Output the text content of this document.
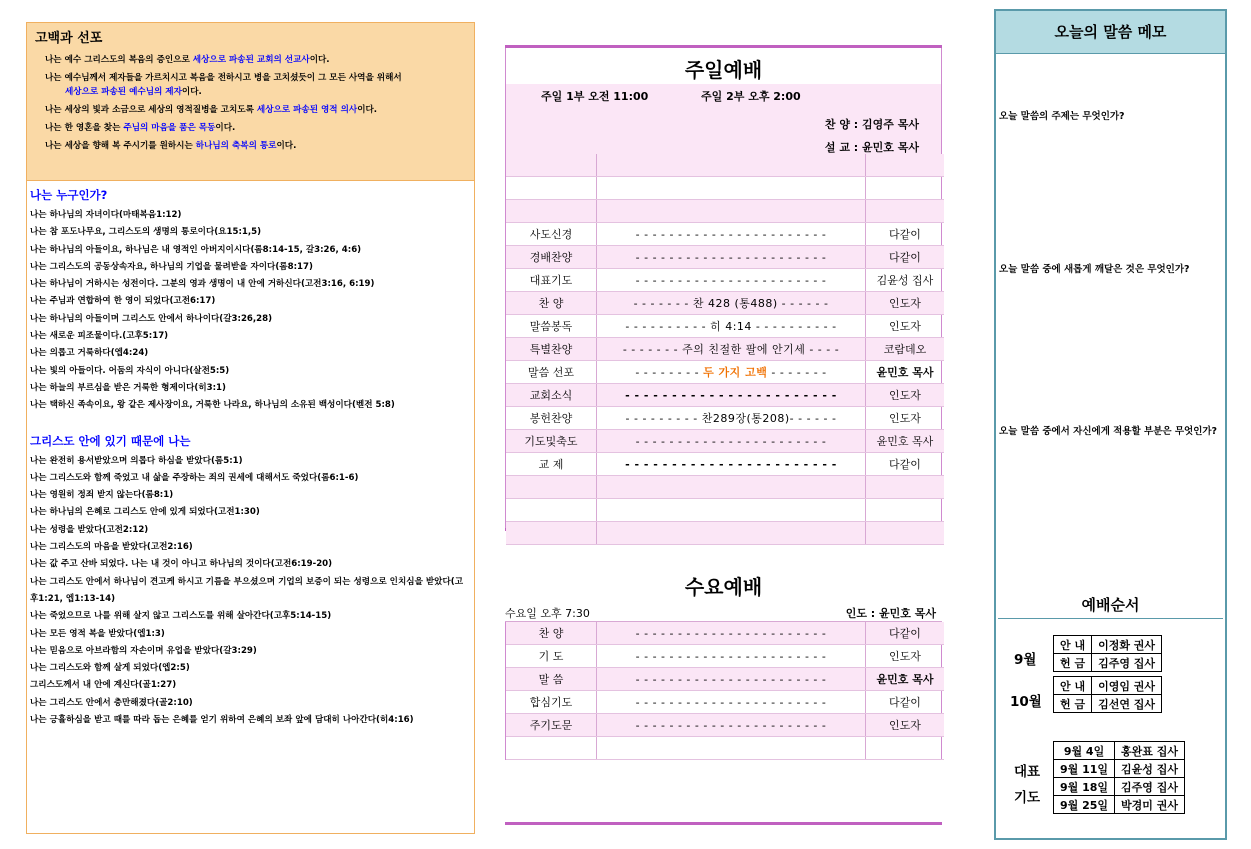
고백과 선포

나는 예수 그리스도의 복음의 증인으로 세상으로 파송된 교회의 선교사이다.

나는 예수님께서 제자들을 가르치시고 복음을 전하시고 병을 고치셨듯이 그 모든 사역을 위해서

세상으로 파송된 예수님의 제자이다.

나는 세상의 빛과 소금으로 세상의 영적질병을 고치도록 세상으로 파송된 영적 의사이다.

나는 한 영혼을 찾는 주님의 마음을 품은 목동이다.

나는 세상을 향해 복 주시기를 원하시는 하나님의 축복의 통로이다.

나는 누구인가?
나는 하나님의 자녀이다(마태복음1:12)
나는 참 포도나무요, 그리스도의 생명의 통로이다(요15:1,5)
나는 하나님의 아들이요, 하나님은 내 영적인 아버지이시다(롬8:14-15, 갈3:26, 4:6)
나는 그리스도의 공동상속자요, 하나님의 기업을 물려받을 자이다(롬8:17)
나는 하나님이 거하시는 성전이다. 그분의 영과 생명이 내 안에 거하신다(고전3:16, 6:19)
나는 주님과 연합하여 한 영이 되었다(고전6:17)
나는 하나님의 아들이며 그리스도 안에서 하나이다(갈3:26,28)
나는 새로운 피조물이다.(고후5:17)
나는 의롭고 거룩하다(엡4:24)
나는 빛의 아들이다. 어둠의 자식이 아니다(살전5:5)
나는 하늘의 부르심을 받은 거룩한 형제이다(히3:1)
나는 택하신 족속이요, 왕 같은 제사장이요, 거룩한 나라요, 하나님의 소유된 백성이다(벧전 5:8)
그리스도 안에 있기 때문에 나는
나는 완전히 용서받았으며 의롭다 하심을 받았다(롬5:1)
나는 그리스도와 함께 죽었고 내 삶을 주장하는 죄의 권세에 대해서도 죽었다(롬6:1-6)
나는 영원히 정죄 받지 않는다(롬8:1)
나는 하나님의 은혜로 그리스도 안에 있게 되었다(고전1:30)
나는 성령을 받았다(고전2:12)
나는 그리스도의 마음을 받았다(고전2:16)
나는 값 주고 산바 되었다. 나는 내 것이 아니고 하나님의 것이다(고전6:19-20)
나는 그리스도 안에서 하나님이 견고케 하시고 기름을 부으셨으며 기업의 보증이 되는 성령으로 인치심을 받았다(고후1:21, 엡1:13-14)
나는 죽었으므로 나를 위해 살지 않고 그리스도를 위해 살아간다(고후5:14-15)
나는 모든 영적 복을 받았다(엡1:3)
나는 믿음으로 아브라함의 자손이며 유업을 받았다(갈3:29)
나는 그리스도와 함께 살게 되었다(엡2:5)
그리스도께서 내 안에 계신다(골1:27)
나는 그리스도 안에서 충만해졌다(골2:10)
나는 긍휼하심을 받고 때를 따라 돕는 은혜를 얻기 위하여 은혜의 보좌 앞에 담대히 나아간다(히4:16)
주일예배
주일 1부 오전 11:00	주일 2부 오후 2:00
찬 양 : 김영주 목사
설 교 : 윤민호 목사

사도신경	- - - - - - - - - - - - - - - - - - - - - - -	다같이
경배찬양	- - - - - - - - - - - - - - - - - - - - - - -	다같이
대표기도	- - - - - - - - - - - - - - - - - - - - - - -	김윤성 집사
찬 양	- - - - - - - 찬 428 (통488) - - - - - -	인도자
말씀봉독	- - - - - - - - - - 히 4:14 - - - - - - - - - -	인도자
특별찬양	- - - - - - - 주의 친절한 팔에 안기세 - - - -	코람데오
말씀 선포	- - - - - - - - 두 가지 고백 - - - - - - -	윤민호 목사
교회소식	- - - - - - - - - - - - - - - - - - - - - - -	인도자
봉헌찬양	- - - - - - - - - 찬289장(통208)- - - - - -	인도자
기도및축도	- - - - - - - - - - - - - - - - - - - - - - -	윤민호 목사
교 제	- - - - - - - - - - - - - - - - - - - - - - -	다같이

수요예배
수요일 오후 7:30	인도 : 윤민호 목사
찬 양	- - - - - - - - - - - - - - - - - - - - - - -	다같이
기 도	- - - - - - - - - - - - - - - - - - - - - - -	인도자
말 씀	- - - - - - - - - - - - - - - - - - - - - - -	윤민호 목사
합심기도	- - - - - - - - - - - - - - - - - - - - - - -	다같이
주기도문	- - - - - - - - - - - - - - - - - - - - - - -	인도자

오늘의 말씀 메모
오늘 말씀의 주제는 무엇인가?
오늘 말씀 중에 새롭게 깨달은 것은 무엇인가?
오늘 말씀 중에서 자신에게 적용할 부분은 무엇인가?
예배순서
9월
안 내	이정화 권사
헌 금	김주영 집사
10월
안 내	이영임 권사
헌 금	김선연 집사
대표
기도
9월 4일	홍완표 집사
9월 11일	김윤성 집사
9월 18일	김주영 집사
9월 25일	박경미 권사
